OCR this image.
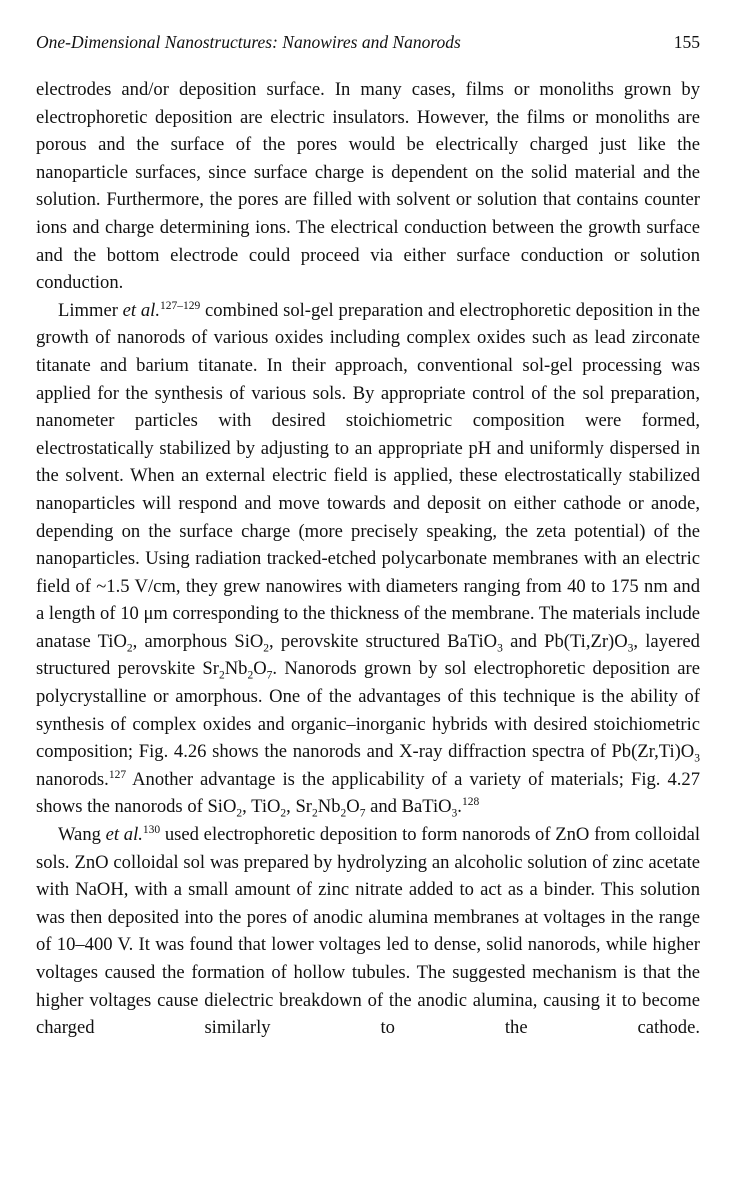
One-Dimensional Nanostructures: Nanowires and Nanorods	155

electrodes and/or deposition surface. In many cases, films or monoliths grown by electrophoretic deposition are electric insulators. However, the films or monoliths are porous and the surface of the pores would be electrically charged just like the nanoparticle surfaces, since surface charge is dependent on the solid material and the solution. Furthermore, the pores are filled with solvent or solution that contains counter ions and charge determining ions. The electrical conduction between the growth surface and the bottom electrode could proceed via either surface conduction or solution conduction.

Limmer et al.$^{127-129}$ combined sol-gel preparation and electrophoretic deposition in the growth of nanorods of various oxides including complex oxides such as lead zirconate titanate and barium titanate. In their approach, conventional sol-gel processing was applied for the synthesis of various sols. By appropriate control of the sol preparation, nanometer particles with desired stoichiometric composition were formed, electrostatically stabilized by adjusting to an appropriate pH and uniformly dispersed in the solvent. When an external electric field is applied, these electrostatically stabilized nanoparticles will respond and move towards and deposit on either cathode or anode, depending on the surface charge (more precisely speaking, the zeta potential) of the nanoparticles. Using radiation tracked-etched polycarbonate membranes with an electric field of ~1.5 V/cm, they grew nanowires with diameters ranging from 40 to 175 nm and a length of 10 μm corresponding to the thickness of the membrane. The materials include anatase TiO$_2$, amorphous SiO$_2$, perovskite structured BaTiO$_3$ and $Pb(Ti,Zr)O_3$, layered structured perovskite $Sr_2Nb_2O_7$. Nanorods grown by sol electrophoretic deposition are polycrystalline or amorphous. One of the advantages of this technique is the ability of synthesis of complex oxides and organic–inorganic hybrids with desired stoichiometric composition; Fig. 4.26 shows the nanorods and X-ray diffraction spectra of $Pb(Zr,Ti)O_3$ nanorods.$^{127}$ Another advantage is the applicability of a variety of materials; Fig. 4.27 shows the nanorods of SiO$_2$, TiO$_2$, $Sr_2Nb_2O_7$ and BaTiO$_3$.$^{128}$

Wang et al.$^{130}$ used electrophoretic deposition to form nanorods of ZnO from colloidal sols. ZnO colloidal sol was prepared by hydrolyzing an alcoholic solution of zinc acetate with NaOH, with a small amount of zinc nitrate added to act as a binder. This solution was then deposited into the pores of anodic alumina membranes at voltages in the range of 10–400 V. It was found that lower voltages led to dense, solid nanorods, while higher voltages caused the formation of hollow tubules. The suggested mechanism is that the higher voltages cause dielectric breakdown of the anodic alumina, causing it to become charged similarly to the cathode.
